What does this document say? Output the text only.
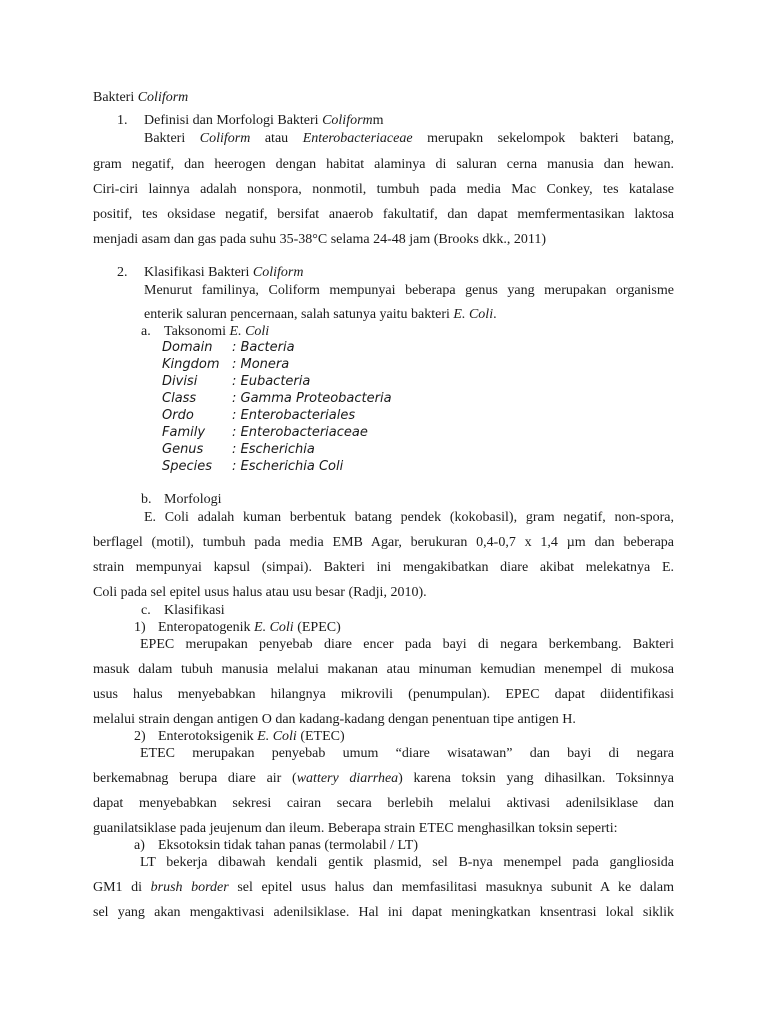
Bakteri Coliform
1. Definisi dan Morfologi Bakteri Coliformm
Bakteri Coliform atau Enterobacteriaceae merupakn sekelompok bakteri batang,
gram negatif, dan heerogen dengan habitat alaminya di saluran cerna manusia dan hewan.
Ciri-ciri lainnya adalah nonspora, nonmotil, tumbuh pada media Mac Conkey, tes katalase
positif, tes oksidase negatif, bersifat anaerob fakultatif, dan dapat memfermentasikan laktosa
menjadi asam dan gas pada suhu 35-38°C selama 24-48 jam (Brooks dkk., 2011)
2. Klasifikasi Bakteri Coliform
Menurut familinya, Coliform mempunyai beberapa genus yang merupakan organisme
enterik saluran pencernaan, salah satunya yaitu bakteri E. Coli.
a. Taksonomi E. Coli
Domain : Bacteria
Kingdom : Monera
Divisi	: Eubacteria
Class	: Gamma Proteobacteria
Ordo	: Enterobacteriales
Family : Enterobacteriaceae
Genus : Escherichia
Species : Escherichia Coli
b. Morfologi
E. Coli adalah kuman berbentuk batang pendek (kokobasil), gram negatif, non-spora,
berflagel (motil), tumbuh pada media EMB Agar, berukuran 0,4-0,7 x 1,4 µm dan beberapa
strain mempunyai kapsul (simpai). Bakteri ini mengakibatkan diare akibat melekatnya E.
Coli pada sel epitel usus halus atau usu besar (Radji, 2010).
c. Klasifikasi
1) Enteropatogenik E. Coli (EPEC)
EPEC merupakan penyebab diare encer pada bayi di negara berkembang. Bakteri
masuk dalam tubuh manusia melalui makanan atau minuman kemudian menempel di mukosa
usus halus menyebabkan hilangnya mikrovili (penumpulan). EPEC dapat diidentifikasi
melalui strain dengan antigen O dan kadang-kadang dengan penentuan tipe antigen H.
2) Enterotoksigenik E. Coli (ETEC)
ETEC merupakan penyebab umum “diare wisatawan” dan bayi di negara
berkemabnag berupa diare air (wattery diarrhea) karena toksin yang dihasilkan. Toksinnya
dapat menyebabkan sekresi cairan secara berlebih melalui aktivasi adenilsiklase dan
guanilatsiklase pada jeujenum dan ileum. Beberapa strain ETEC menghasilkan toksin seperti:
a) Eksotoksin tidak tahan panas (termolabil / LT)
LT bekerja dibawah kendali gentik plasmid, sel B-nya menempel pada gangliosida
GM1 di brush border sel epitel usus halus dan memfasilitasi masuknya subunit A ke dalam
sel yang akan mengaktivasi adenilsiklase. Hal ini dapat meningkatkan knsentrasi lokal siklik
